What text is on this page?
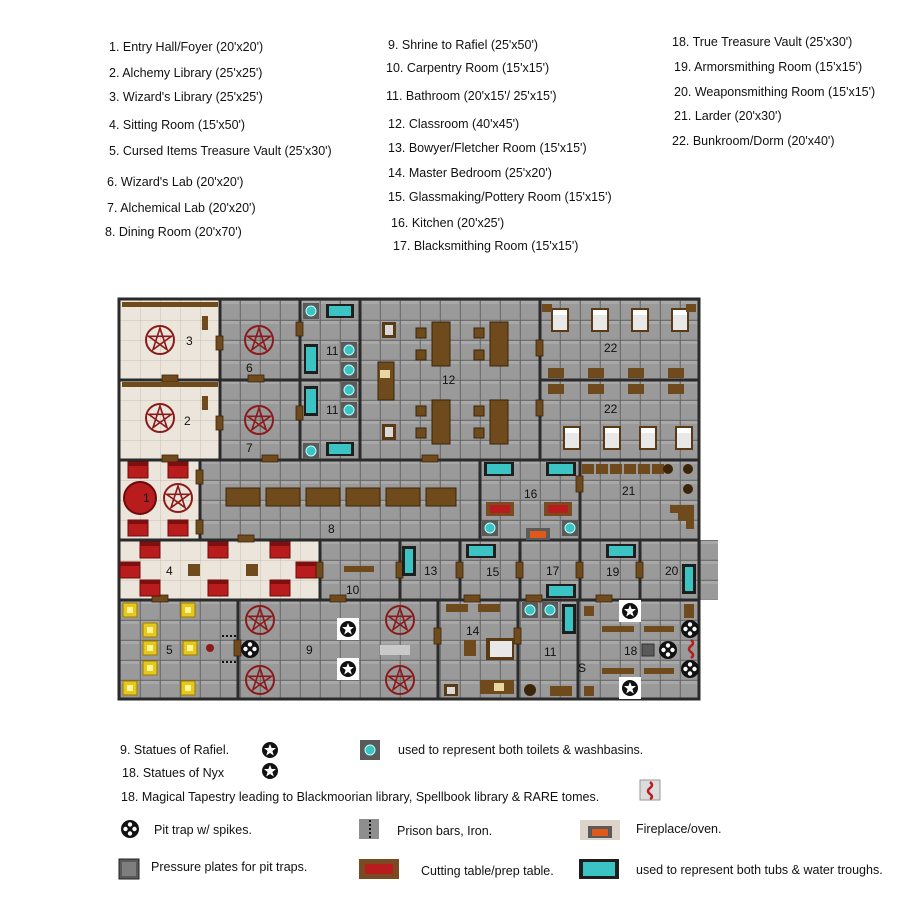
1. Entry Hall/Foyer (20'x20')
2. Alchemy Library (25'x25')
3. Wizard's Library (25'x25')
4. Sitting Room (15'x50')
5. Cursed Items Treasure Vault (25'x30')
6. Wizard's Lab (20'x20')
7. Alchemical Lab (20'x20')
8. Dining Room (20'x70')
9. Shrine to Rafiel (25'x50')
10. Carpentry Room (15'x15')
11. Bathroom (20'x15'/ 25'x15')
12. Classroom (40'x45')
13. Bowyer/Fletcher Room (15'x15')
14. Master Bedroom (25'x20')
15. Glassmaking/Pottery Room (15'x15')
16. Kitchen (20'x25')
17. Blacksmithing Room (15'x15')
18. True Treasure Vault (25'x30')
19. Armorsmithing Room (15'x15')
20. Weaponsmithing Room (15'x15')
21. Larder (20'x30')
22. Bunkroom/Dorm (20'x40')
3
6
11
11
12
22
2
7
22
1	16	21
8
4
10
13	15	17	19	20
5	9
14
11
S
18
9. Statues of Rafiel.
18. Statues of Nyx
used to represent both toilets & washbasins.
18. Magical Tapestry leading to Blackmoorian library, Spellbook library & RARE tomes.
Pit trap w/ spikes.	Prison bars, Iron.	Fireplace/oven.
Pressure plates for pit traps.	Cutting table/prep table.	used to represent both tubs & water troughs.
